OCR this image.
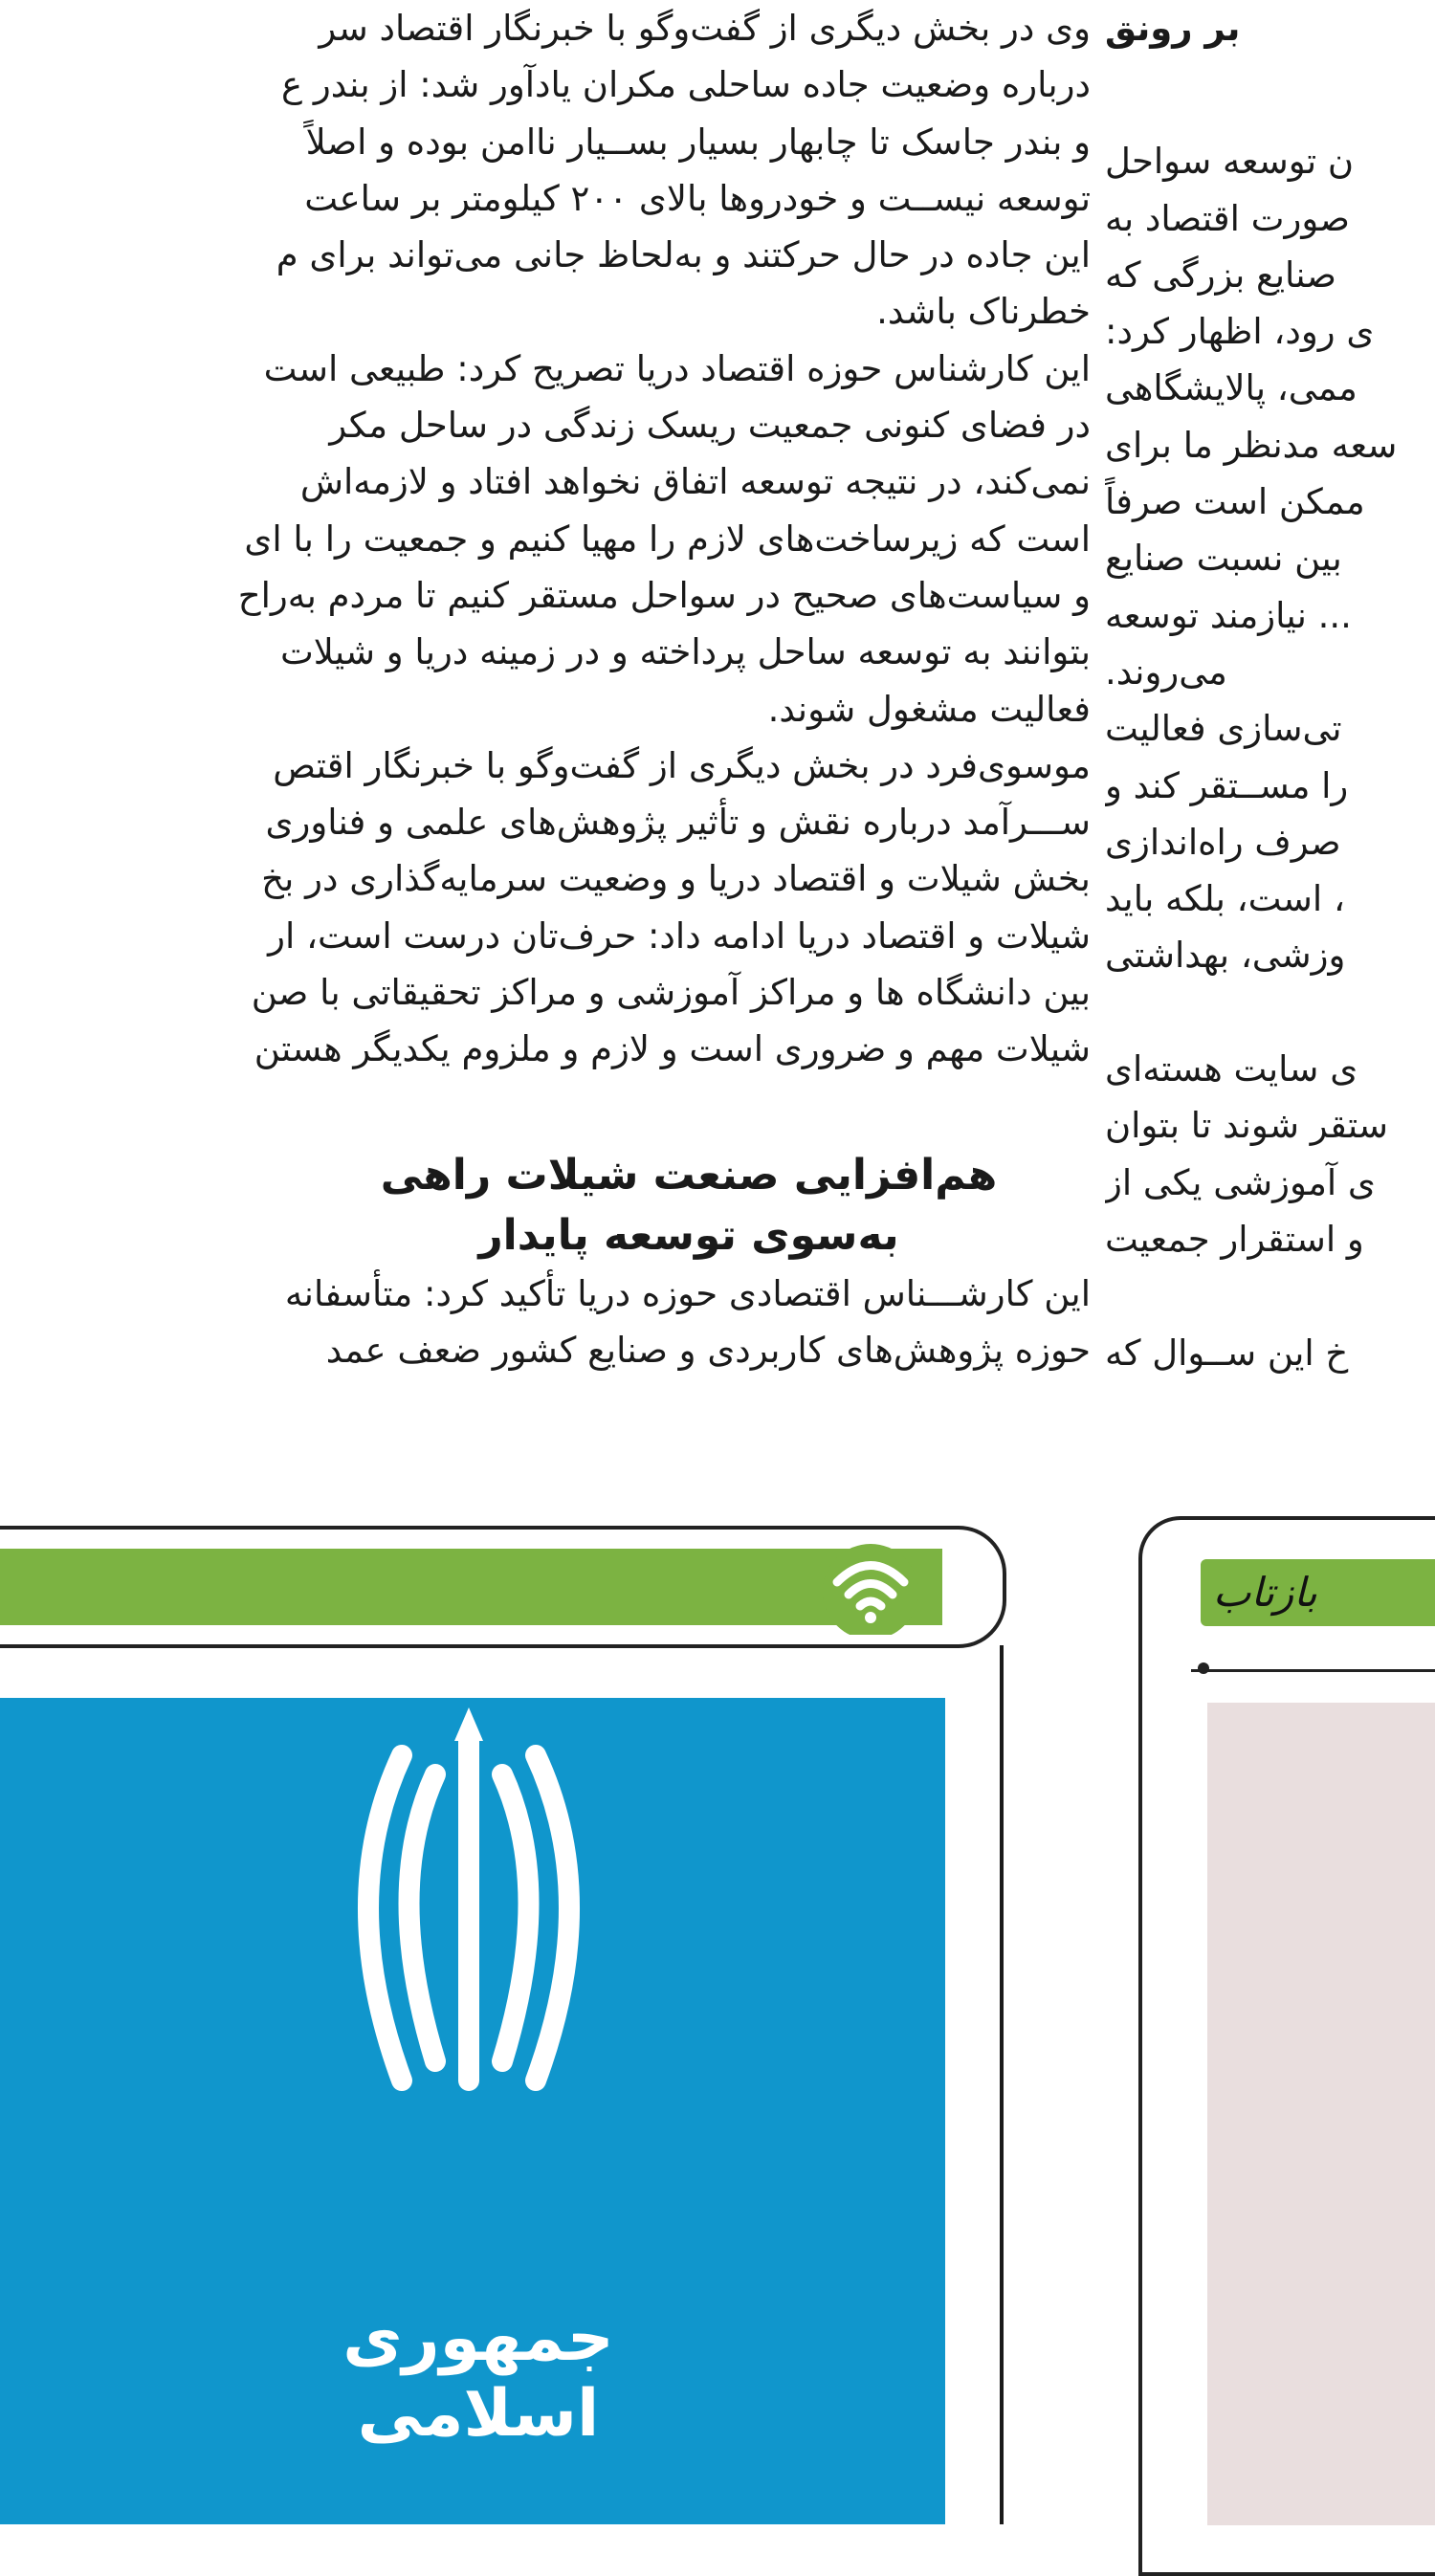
وی در بخش دیگری از گفت‌وگو با خبرنگار اقتصاد سر

درباره وضعیت جاده ساحلی مکران یادآور شد: از بندر ع

و بندر جاسک تا چابهار بسیار بســیار ناامن بوده و اصلاً

توسعه نیســت و خودروها بالای ۲۰۰ کیلومتر بر ساعت

این جاده در حال حرکتند و به‌لحاظ جانی می‌تواند برای م

خطرناک باشد.

این کارشناس حوزه اقتصاد دریا تصریح کرد: طبیعی است

در فضای کنونی جمعیت ریسک زندگی در ساحل مکر

نمی‌کند، در نتیجه توسعه اتفاق نخواهد افتاد و لازمه‌اش

است که زیرساخت‌های لازم را مهیا کنیم و جمعیت را با ای

و سیاست‌های صحیح در سواحل مستقر کنیم تا مردم به‌راح

بتوانند به توسعه ساحل پرداخته و در زمینه دریا و شیلات

فعالیت مشغول شوند.

موسوی‌فرد در بخش دیگری از گفت‌وگو با خبرنگار اقتص

ســـرآمد درباره نقش و تأثیر پژوهش‌های علمی و فناوری

بخش شیلات و اقتصاد دریا و وضعیت سرمایه‌گذاری در بخ

شیلات و اقتصاد دریا ادامه داد: حرف‌تان درست است، ار

بین دانشگاه ها و مراکز آموزشی و مراکز تحقیقاتی با صن

شیلات مهم و ضروری است و لازم و ملزوم یکدیگر هستن

هم‌افزایی صنعت شیلات راهی

به‌سوی توسعه پایدار

این کارشـــناس اقتصادی حوزه دریا تأکید کرد: متأسفانه

حوزه پژوهش‌های کاربردی و صنایع کشور ضعف عمد

بر رونق

ن توسعه سواحل

صورت اقتصاد به

صنایع بزرگی که

ی رود، اظهار کرد:

ممی، پالایشگاهی

سعه مدنظر ما برای

ممکن است صرفاً

بین نسبت صنایع

... نیازمند توسعه

می‌روند.

تی‌سازی فعالیت

را مســتقر کند و

صرف راه‌اندازی

، است، بلکه باید

وزشی، بهداشتی

ی سایت هسته‌ای

ستقر شوند تا بتوان

ی آموزشی یکی از

و استقرار جمعیت

خ این ســوال که

جمهوری اسلامی
بازتاب
